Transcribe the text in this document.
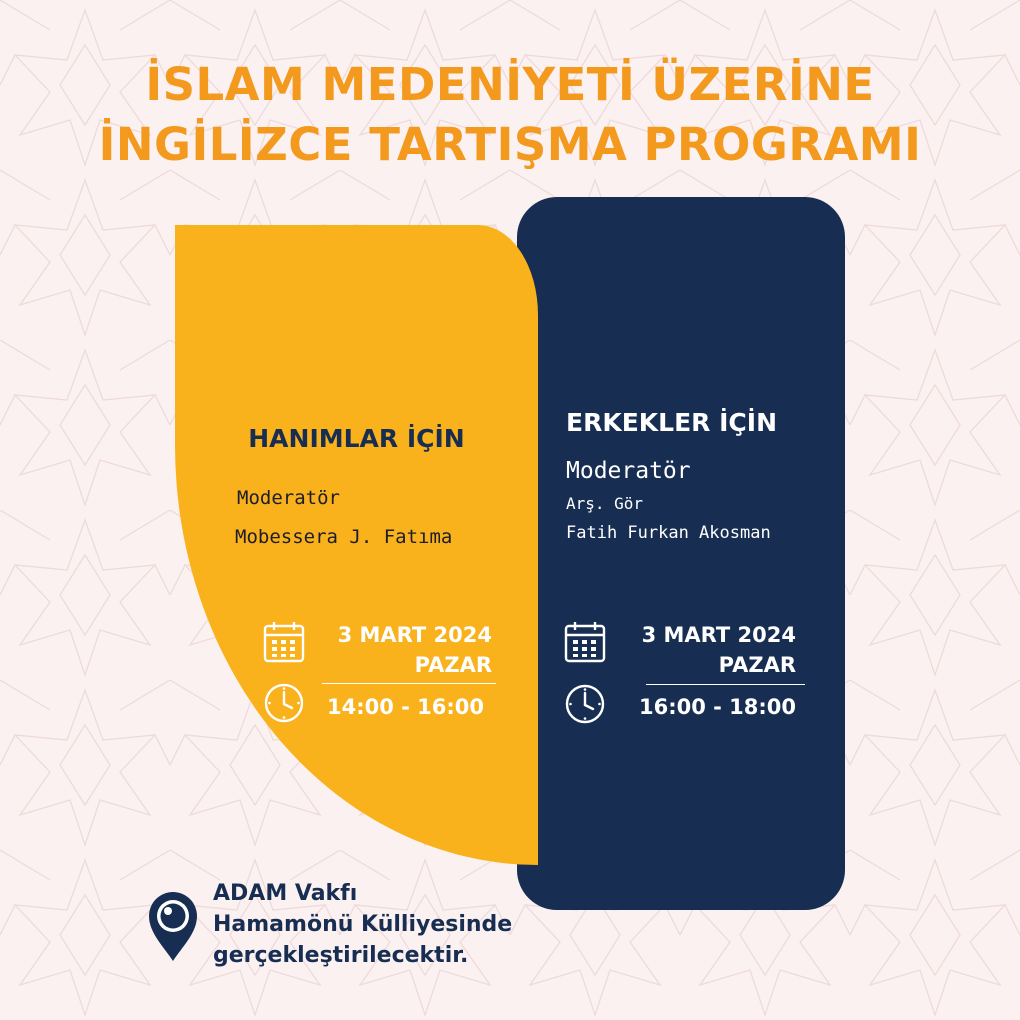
İSLAM MEDENİYETİ ÜZERİNE
İNGİLİZCE TARTIŞMA PROGRAMI
HANIMLAR İÇİN

Moderatör

Mobessera J. Fatıma

3 MART 2024
PAZAR
14:00 - 16:00
ERKEKLER İÇİN

Moderatör

Arş. Gör

Fatih Furkan Akosman

3 MART 2024
PAZAR
16:00 - 18:00
ADAM Vakfı
Hamamönü Külliyesinde
gerçekleştirilecektir.
